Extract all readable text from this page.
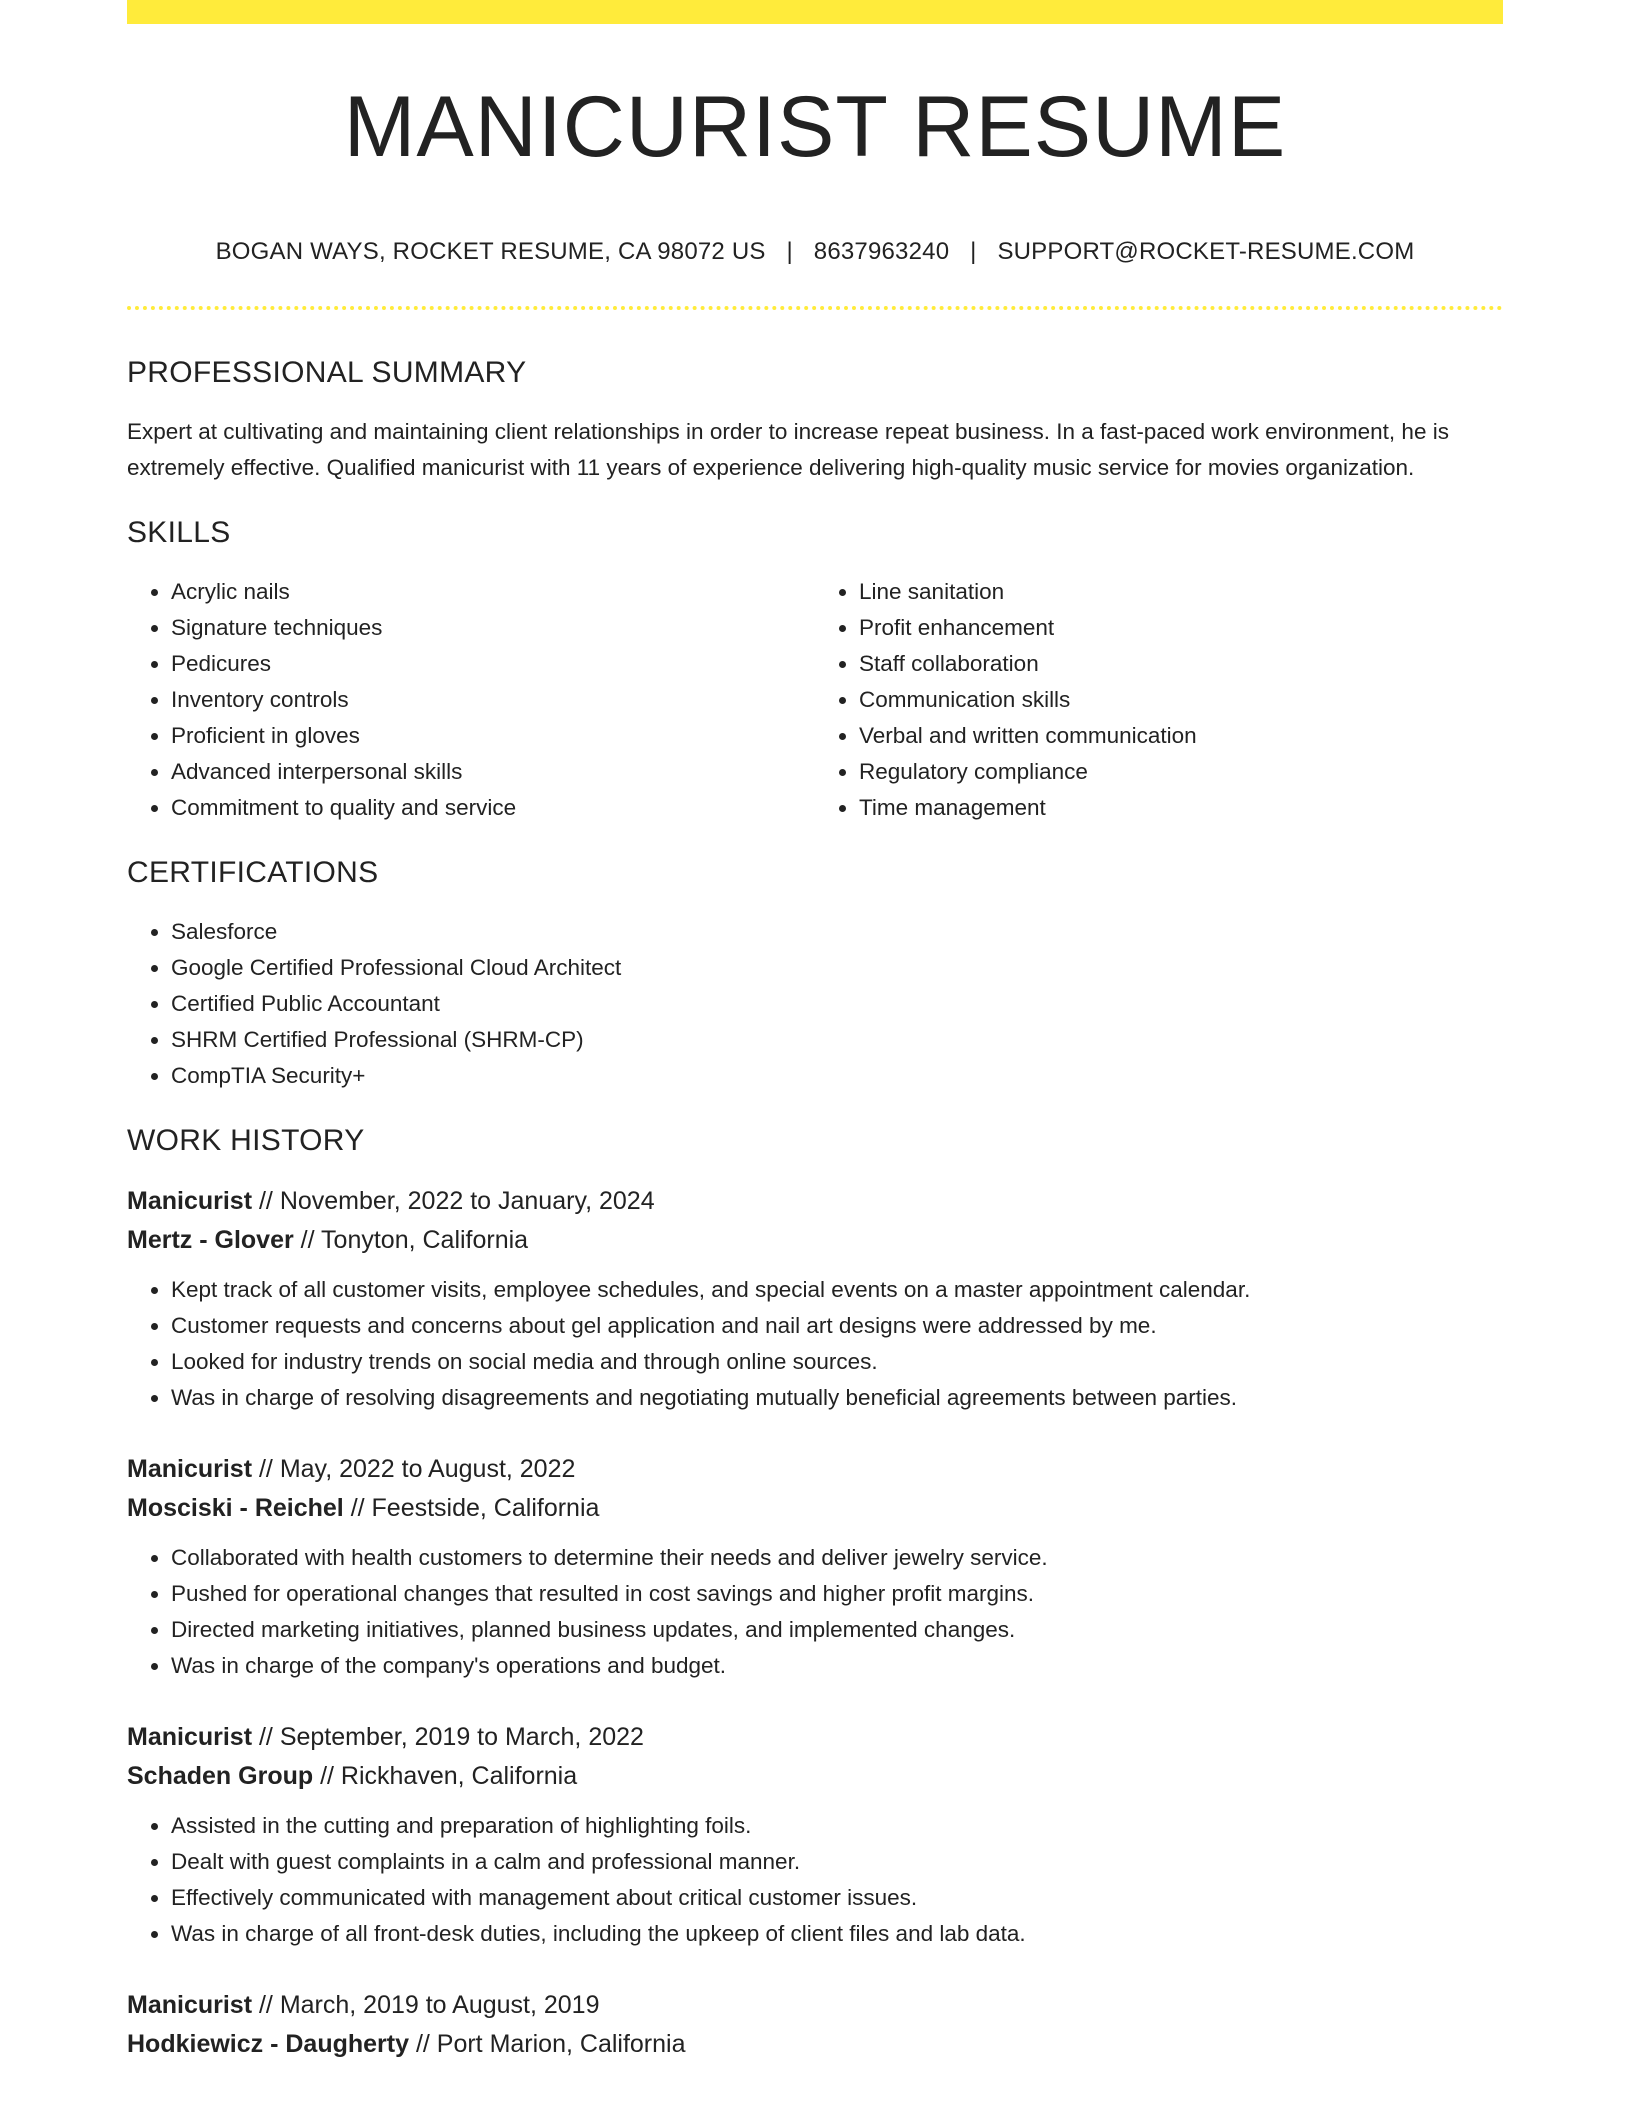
MANICURIST RESUME
BOGAN WAYS, ROCKET RESUME, CA 98072 US | 8637963240 | SUPPORT@ROCKET-RESUME.COM
PROFESSIONAL SUMMARY

Expert at cultivating and maintaining client relationships in order to increase repeat business. In a fast-paced work environment, he is extremely effective. Qualified manicurist with 11 years of experience delivering high-quality music service for movies organization.

SKILLS
• Acrylic nails
• Signature techniques
• Pedicures
• Inventory controls
• Proficient in gloves
• Advanced interpersonal skills
• Commitment to quality and service
• Line sanitation
• Profit enhancement
• Staff collaboration
• Communication skills
• Verbal and written communication
• Regulatory compliance
• Time management
CERTIFICATIONS
• Salesforce
• Google Certified Professional Cloud Architect
• Certified Public Accountant
• SHRM Certified Professional (SHRM-CP)
• CompTIA Security+
WORK HISTORY
Manicurist // November, 2022 to January, 2024
Mertz - Glover // Tonyton, California
• Kept track of all customer visits, employee schedules, and special events on a master appointment calendar.
• Customer requests and concerns about gel application and nail art designs were addressed by me.
• Looked for industry trends on social media and through online sources.
• Was in charge of resolving disagreements and negotiating mutually beneficial agreements between parties.
Manicurist // May, 2022 to August, 2022
Mosciski - Reichel // Feestside, California
• Collaborated with health customers to determine their needs and deliver jewelry service.
• Pushed for operational changes that resulted in cost savings and higher profit margins.
• Directed marketing initiatives, planned business updates, and implemented changes.
• Was in charge of the company's operations and budget.
Manicurist // September, 2019 to March, 2022
Schaden Group // Rickhaven, California
• Assisted in the cutting and preparation of highlighting foils.
• Dealt with guest complaints in a calm and professional manner.
• Effectively communicated with management about critical customer issues.
• Was in charge of all front-desk duties, including the upkeep of client files and lab data.
Manicurist // March, 2019 to August, 2019
Hodkiewicz - Daugherty // Port Marion, California
